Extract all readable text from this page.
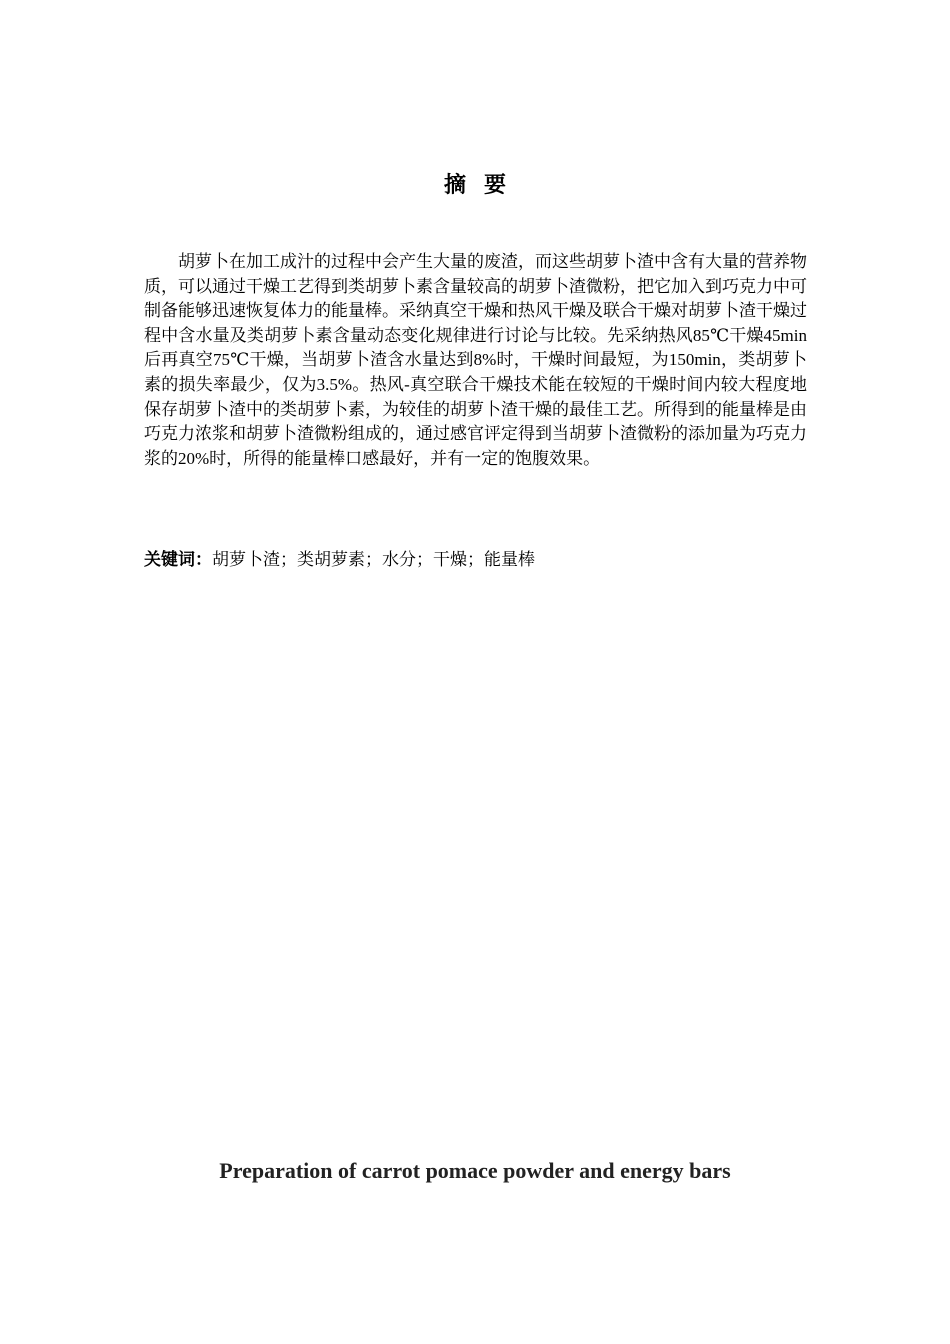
摘要
胡萝卜在加工成汁的过程中会产生大量的废渣，而这些胡萝卜渣中含有大量的营养物质，可以通过干燥工艺得到类胡萝卜素含量较高的胡萝卜渣微粉，把它加入到巧克力中可制备能够迅速恢复体力的能量棒。采纳真空干燥和热风干燥及联合干燥对胡萝卜渣干燥过程中含水量及类胡萝卜素含量动态变化规律进行讨论与比较。先采纳热风85℃干燥45min后再真空75℃干燥，当胡萝卜渣含水量达到8%时，干燥时间最短，为150min，类胡萝卜素的损失率最少，仅为3.5%。热风-真空联合干燥技术能在较短的干燥时间内较大程度地保存胡萝卜渣中的类胡萝卜素，为较佳的胡萝卜渣干燥的最佳工艺。所得到的能量棒是由巧克力浓浆和胡萝卜渣微粉组成的，通过感官评定得到当胡萝卜渣微粉的添加量为巧克力浆的20%时，所得的能量棒口感最好，并有一定的饱腹效果。
关键词：胡萝卜渣；类胡萝素；水分；干燥；能量棒
Preparation of carrot pomace powder and energy bars
